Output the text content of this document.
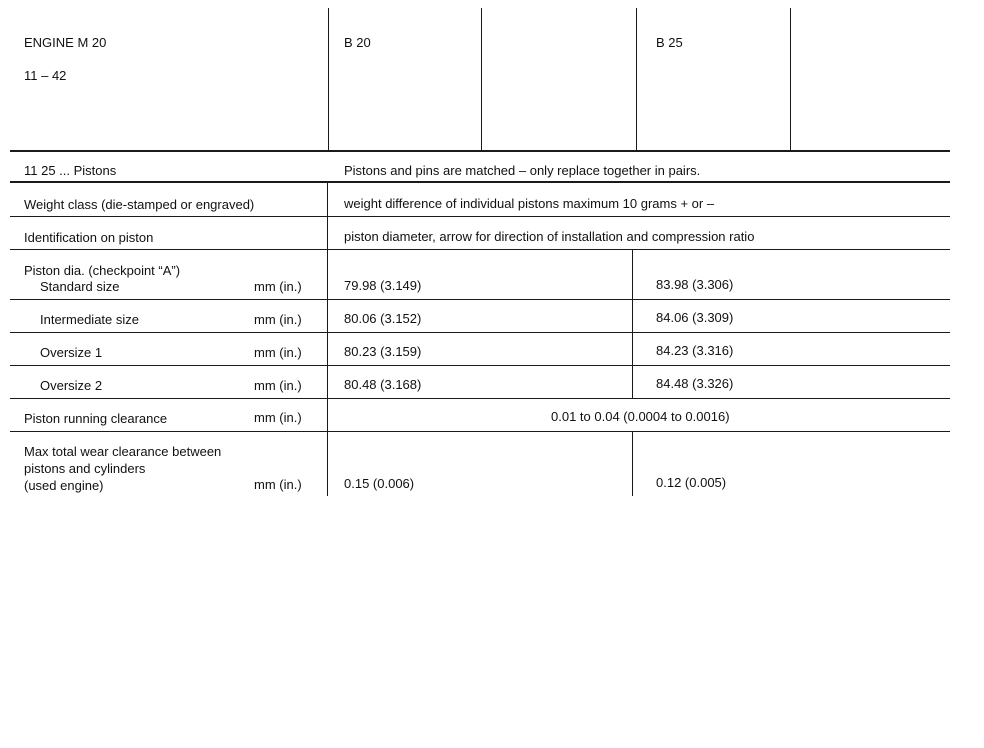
ENGINE M 20
11 – 42
B 20	B 25
11 25 ... Pistons	Pistons and pins are matched – only replace together in pairs.
Weight class (die-stamped or engraved)	weight difference of individual pistons maximum 10 grams + or –
Identification on piston	piston diameter, arrow for direction of installation and compression ratio
Piston dia. (checkpoint “A”)
Standard size	mm (in.)	79.98 (3.149)	83.98 (3.306)
Intermediate size	mm (in.)	80.06 (3.152)	84.06 (3.309)
Oversize 1	mm (in.)	80.23 (3.159)	84.23 (3.316)
Oversize 2	mm (in.)	80.48 (3.168)	84.48 (3.326)
Piston running clearance	mm (in.)	0.01 to 0.04 (0.0004 to 0.0016)
Max total wear clearance between
pistons and cylinders
(used engine)	mm (in.)	0.15 (0.006)	0.12 (0.005)
